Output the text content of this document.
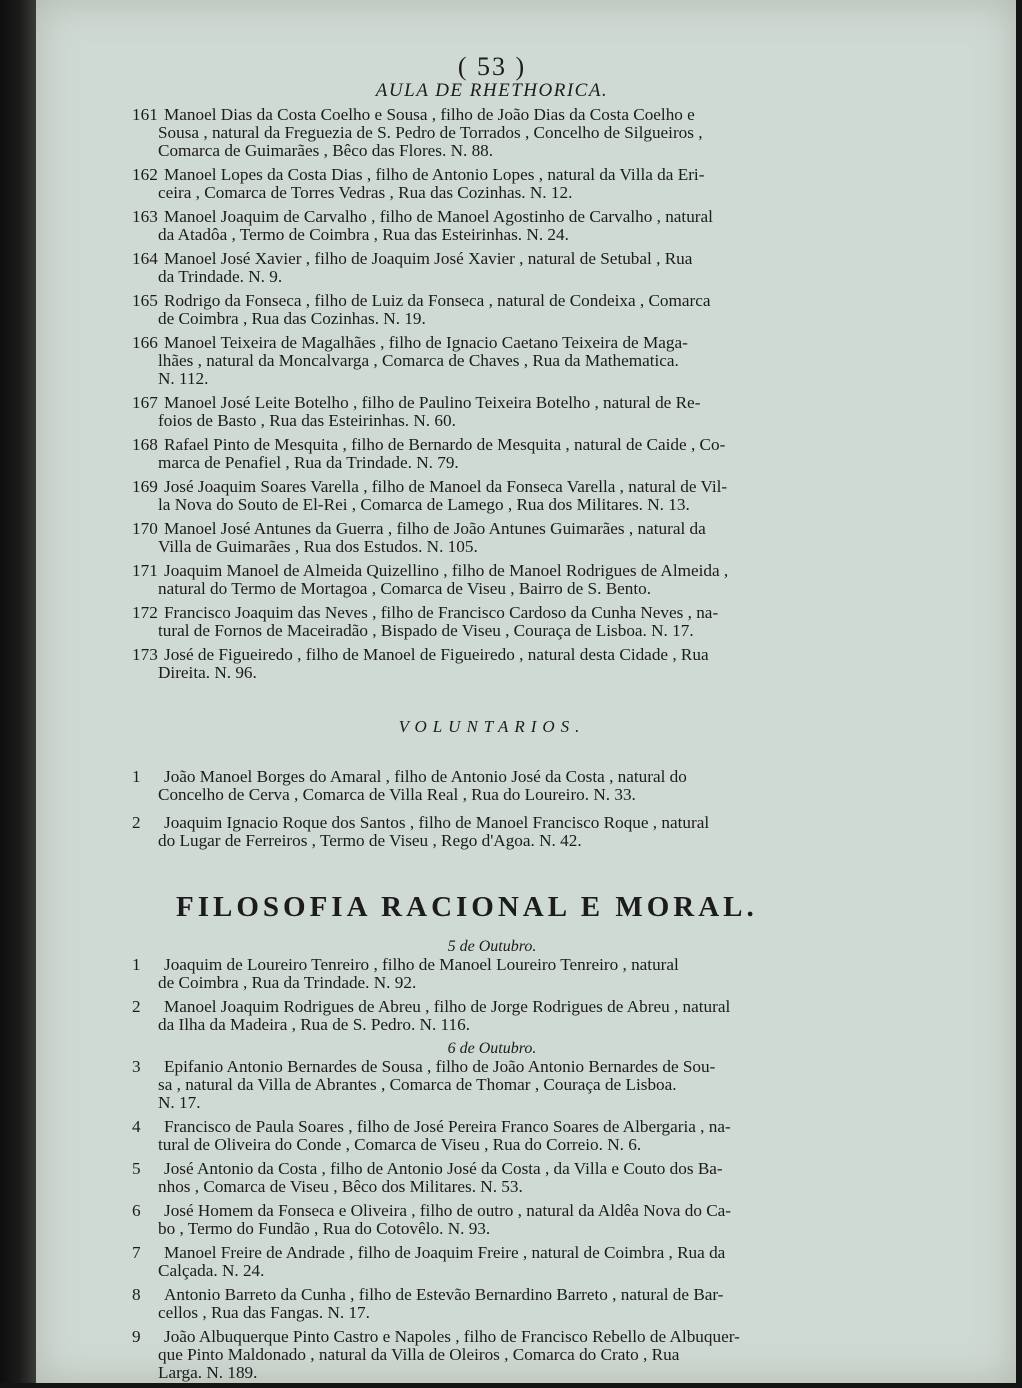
( 53 )
AULA DE RHETHORICA.
161 Manoel Dias da Costa Coelho e Sousa , filho de João Dias da Costa Coelho e
Sousa , natural da Freguezia de S. Pedro de Torrados , Concelho de Silgueiros ,
Comarca de Guimarães , Bêco das Flores. N. 88.
162 Manoel Lopes da Costa Dias , filho de Antonio Lopes , natural da Villa da Eri-
ceira , Comarca de Torres Vedras , Rua das Cozinhas. N. 12.
163 Manoel Joaquim de Carvalho , filho de Manoel Agostinho de Carvalho , natural
da Atadôa , Termo de Coimbra , Rua das Esteirinhas. N. 24.
164 Manoel José Xavier , filho de Joaquim José Xavier , natural de Setubal , Rua
da Trindade. N. 9.
165 Rodrigo da Fonseca , filho de Luiz da Fonseca , natural de Condeixa , Comarca
de Coimbra , Rua das Cozinhas. N. 19.
166 Manoel Teixeira de Magalhães , filho de Ignacio Caetano Teixeira de Maga-
lhães , natural da Moncalvarga , Comarca de Chaves , Rua da Mathematica.
N. 112.
167 Manoel José Leite Botelho , filho de Paulino Teixeira Botelho , natural de Re-
foios de Basto , Rua das Esteirinhas. N. 60.
168 Rafael Pinto de Mesquita , filho de Bernardo de Mesquita , natural de Caide , Co-
marca de Penafiel , Rua da Trindade. N. 79.
169 José Joaquim Soares Varella , filho de Manoel da Fonseca Varella , natural de Vil-
la Nova do Souto de El-Rei , Comarca de Lamego , Rua dos Militares. N. 13.
170 Manoel José Antunes da Guerra , filho de João Antunes Guimarães , natural da
Villa de Guimarães , Rua dos Estudos. N. 105.
171 Joaquim Manoel de Almeida Quizellino , filho de Manoel Rodrigues de Almeida ,
natural do Termo de Mortagoa , Comarca de Viseu , Bairro de S. Bento.
172 Francisco Joaquim das Neves , filho de Francisco Cardoso da Cunha Neves , na-
tural de Fornos de Maceiradão , Bispado de Viseu , Couraça de Lisboa. N. 17.
173 José de Figueiredo , filho de Manoel de Figueiredo , natural desta Cidade , Rua
Direita. N. 96.
VOLUNTARIOS.
1 João Manoel Borges do Amaral , filho de Antonio José da Costa , natural do
Concelho de Cerva , Comarca de Villa Real , Rua do Loureiro. N. 33.
2 Joaquim Ignacio Roque dos Santos , filho de Manoel Francisco Roque , natural
do Lugar de Ferreiros , Termo de Viseu , Rego d'Agoa. N. 42.
FILOSOFIA RACIONAL E MORAL.
5 de Outubro.
1 Joaquim de Loureiro Tenreiro , filho de Manoel Loureiro Tenreiro , natural
de Coimbra , Rua da Trindade. N. 92.
2 Manoel Joaquim Rodrigues de Abreu , filho de Jorge Rodrigues de Abreu , natural
da Ilha da Madeira , Rua de S. Pedro. N. 116.
6 de Outubro.
3 Epifanio Antonio Bernardes de Sousa , filho de João Antonio Bernardes de Sou-
sa , natural da Villa de Abrantes , Comarca de Thomar , Couraça de Lisboa.
N. 17.
4 Francisco de Paula Soares , filho de José Pereira Franco Soares de Albergaria , na-
tural de Oliveira do Conde , Comarca de Viseu , Rua do Correio. N. 6.
5 José Antonio da Costa , filho de Antonio José da Costa , da Villa e Couto dos Ba-
nhos , Comarca de Viseu , Bêco dos Militares. N. 53.
6 José Homem da Fonseca e Oliveira , filho de outro , natural da Aldêa Nova do Ca-
bo , Termo do Fundão , Rua do Cotovêlo. N. 93.
7 Manoel Freire de Andrade , filho de Joaquim Freire , natural de Coimbra , Rua da
Calçada. N. 24.
8 Antonio Barreto da Cunha , filho de Estevão Bernardino Barreto , natural de Bar-
cellos , Rua das Fangas. N. 17.
9 João Albuquerque Pinto Castro e Napoles , filho de Francisco Rebello de Albuquer-
que Pinto Maldonado , natural da Villa de Oleiros , Comarca do Crato , Rua
Larga. N. 189.
